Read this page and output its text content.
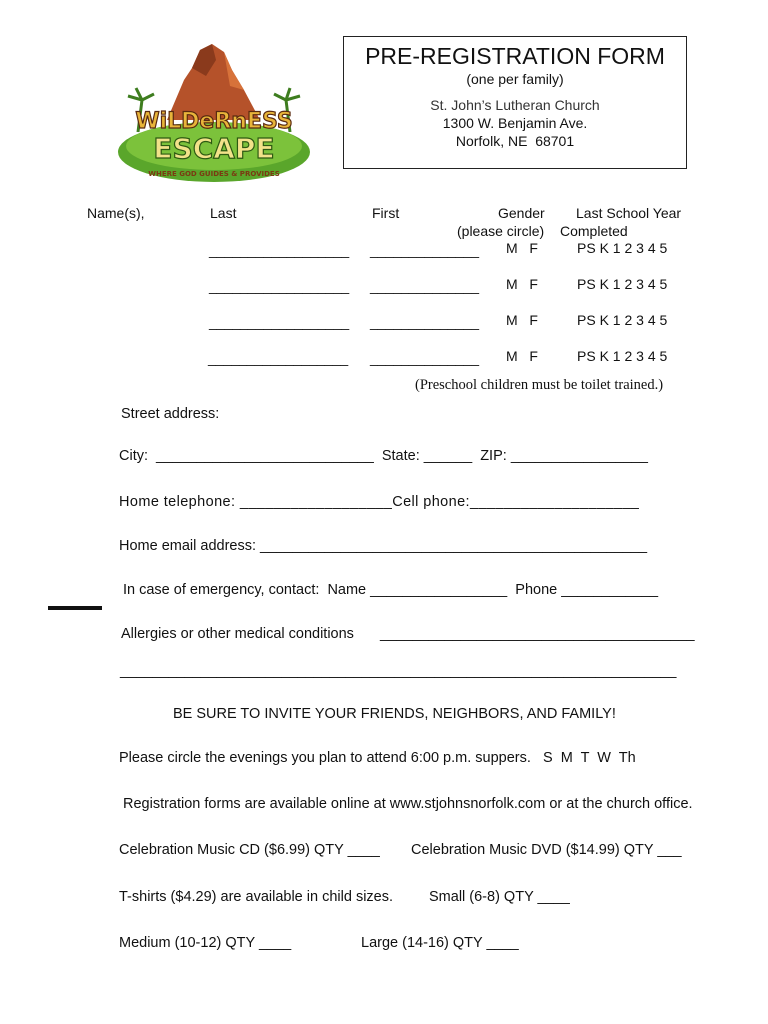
WiLDeRnESS
ESCAPE
WHERE GOD GUIDES & PROVIDES
PRE-REGISTRATION FORM
(one per family)
St. John’s Lutheran Church
1300 W. Benjamin Ave.
Norfolk, NE  68701
Name(s),	Last	First	Gender
(please circle)
Last School Year
Completed
__________________ ______________ M   F	PS K 1 2 3 4 5
__________________ ______________ M   F	PS K 1 2 3 4 5
__________________ ______________ M   F	PS K 1 2 3 4 5
__________________ ______________ M   F	PS K 1 2 3 4 5
(Preschool children must be toilet trained.)
Street address:
City:  ___________________________  State: ______  ZIP: _________________
Home telephone: __________________Cell phone:____________________
Home email address: ________________________________________________
In case of emergency, contact:  Name _________________  Phone ____________
Allergies or other medical conditions _______________________________________
_____________________________________________________________________
BE SURE TO INVITE YOUR FRIENDS, NEIGHBORS, AND FAMILY!
Please circle the evenings you plan to attend 6:00 p.m. suppers.   S  M  T  W  Th
Registration forms are available online at www.stjohnsnorfolk.com or at the church office.
Celebration Music CD ($6.99) QTY ____ Celebration Music DVD ($14.99) QTY ___
T-shirts ($4.29) are available in child sizes. Small (6-8) QTY ____
Medium (10-12) QTY ____	Large (14-16) QTY ____
